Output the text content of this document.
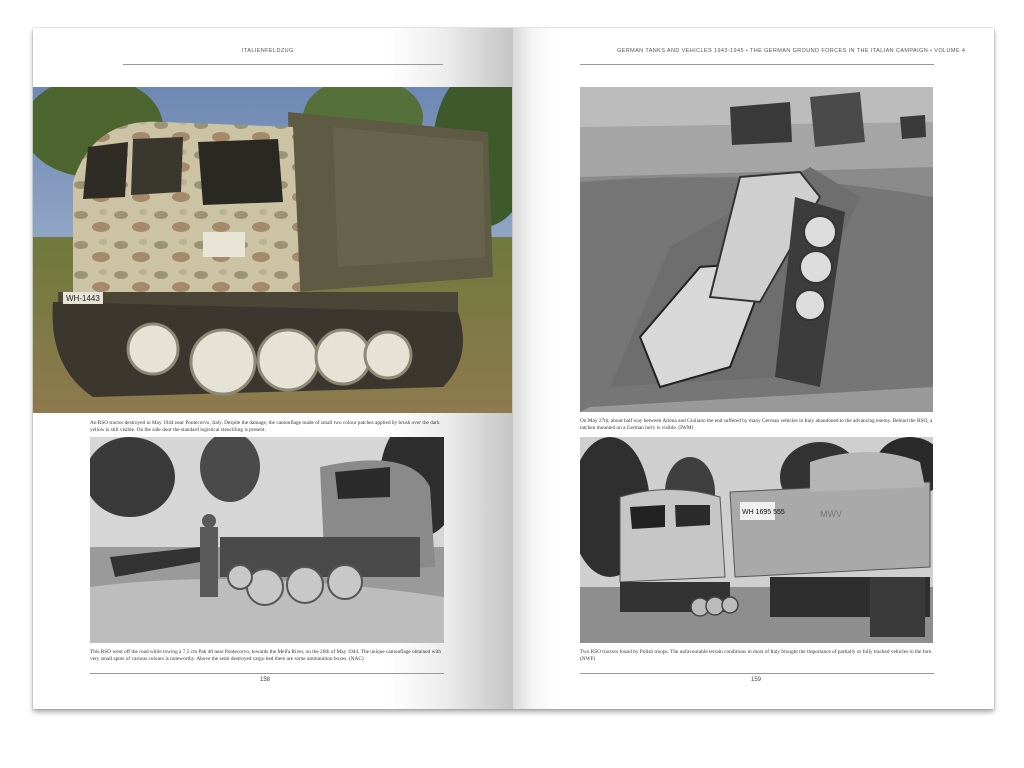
ITALIENFELDZUG
WH-1443
An RSO tractor destroyed in May 1944 near Pontecorvo, Italy. Despite the damage, the camouflage made of small two colour patches applied by brush over the dark yellow is still visible. On the side door the standard logistical stencilling is present.
This RSO went off the road while towing a 7,5 cm Pak 40 near Pontecorvo, towards the Melfa River, on the 26th of May 1944. The unique camouflage obtained with very small spots of various colours is noteworthy. Above the semi destroyed cargo bed there are some ammunition boxes. (NAC)
158
GERMAN TANKS AND VEHICLES 1943-1945 • THE GERMAN GROUND FORCES IN THE ITALIAN CAMPAIGN • VOLUME 4
On May 27th, about half way between Arlena and Giuliano the end suffered by many German vehicles in Italy abandoned to the advancing enemy. Behind the RSO, a tatchen mounted on a German lorry is visible. (IWM)
WH 1695 555	MWV
Two RSO tractors found by Polish troops. The unfavourable terrain conditions in most of Italy brought the importance of partially or fully tracked vehicles to the fore. (NWF)
159
